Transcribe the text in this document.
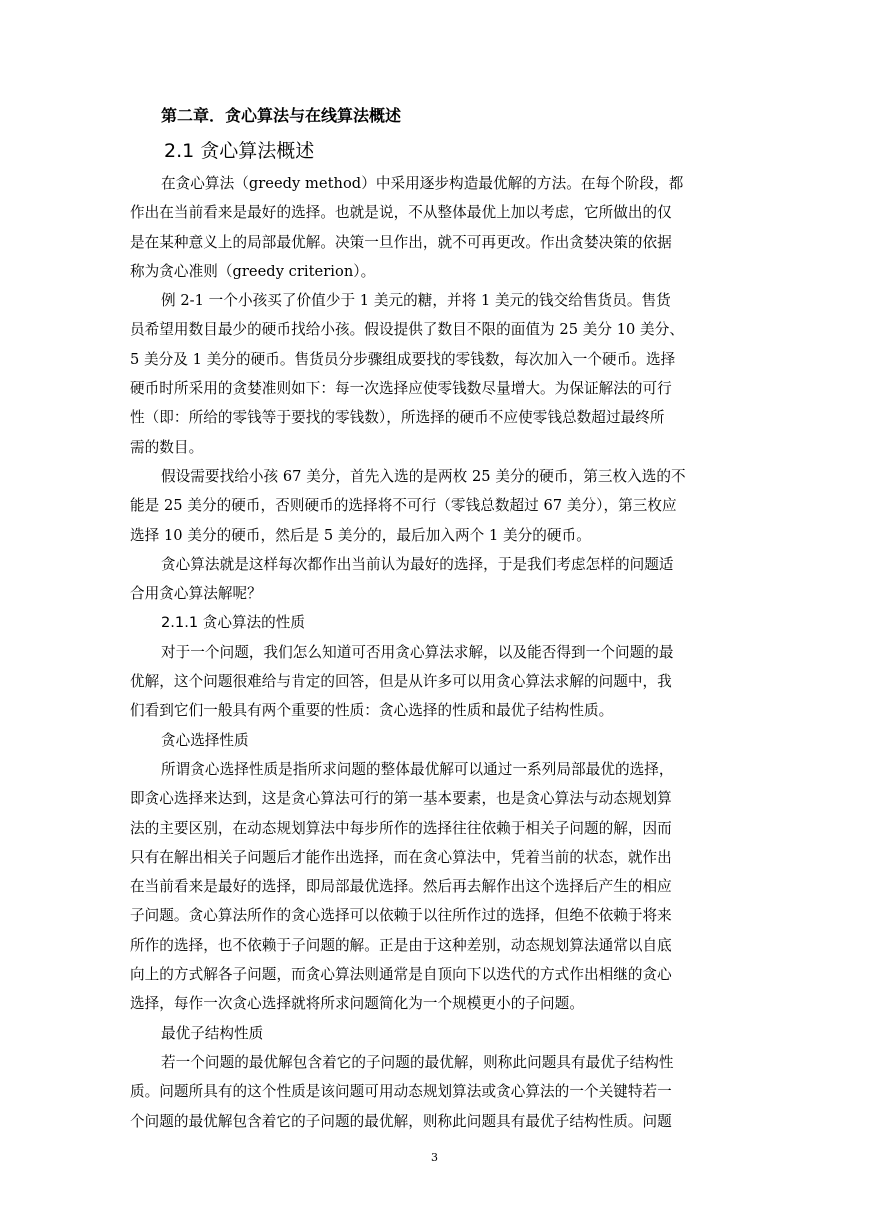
第二章．贪心算法与在线算法概述
2.1 贪心算法概述
在贪心算法（greedy method）中采用逐步构造最优解的方法。在每个阶段，都
作出在当前看来是最好的选择。也就是说，不从整体最优上加以考虑，它所做出的仅
是在某种意义上的局部最优解。决策一旦作出，就不可再更改。作出贪婪决策的依据
称为贪心准则（greedy criterion）。
例 2-1 一个小孩买了价值少于 1 美元的糖，并将 1 美元的钱交给售货员。售货
员希望用数目最少的硬币找给小孩。假设提供了数目不限的面值为 25 美分 10 美分、
5 美分及 1 美分的硬币。售货员分步骤组成要找的零钱数，每次加入一个硬币。选择
硬币时所采用的贪婪准则如下：每一次选择应使零钱数尽量增大。为保证解法的可行
性（即：所给的零钱等于要找的零钱数），所选择的硬币不应使零钱总数超过最终所
需的数目。
假设需要找给小孩 67 美分，首先入选的是两枚 25 美分的硬币，第三枚入选的不
能是 25 美分的硬币，否则硬币的选择将不可行（零钱总数超过 67 美分），第三枚应
选择 10 美分的硬币，然后是 5 美分的，最后加入两个 1 美分的硬币。
贪心算法就是这样每次都作出当前认为最好的选择，于是我们考虑怎样的问题适
合用贪心算法解呢？
2.1.1 贪心算法的性质
对于一个问题，我们怎么知道可否用贪心算法求解，以及能否得到一个问题的最
优解，这个问题很难给与肯定的回答，但是从许多可以用贪心算法求解的问题中，我
们看到它们一般具有两个重要的性质：贪心选择的性质和最优子结构性质。
贪心选择性质
所谓贪心选择性质是指所求问题的整体最优解可以通过一系列局部最优的选择，
即贪心选择来达到，这是贪心算法可行的第一基本要素，也是贪心算法与动态规划算
法的主要区别，在动态规划算法中每步所作的选择往往依赖于相关子问题的解，因而
只有在解出相关子问题后才能作出选择，而在贪心算法中，凭着当前的状态，就作出
在当前看来是最好的选择，即局部最优选择。然后再去解作出这个选择后产生的相应
子问题。贪心算法所作的贪心选择可以依赖于以往所作过的选择，但绝不依赖于将来
所作的选择，也不依赖于子问题的解。正是由于这种差别，动态规划算法通常以自底
向上的方式解各子问题，而贪心算法则通常是自顶向下以迭代的方式作出相继的贪心
选择，每作一次贪心选择就将所求问题简化为一个规模更小的子问题。
最优子结构性质
若一个问题的最优解包含着它的子问题的最优解，则称此问题具有最优子结构性
质。问题所具有的这个性质是该问题可用动态规划算法或贪心算法的一个关键特若一
个问题的最优解包含着它的子问题的最优解，则称此问题具有最优子结构性质。问题
3
